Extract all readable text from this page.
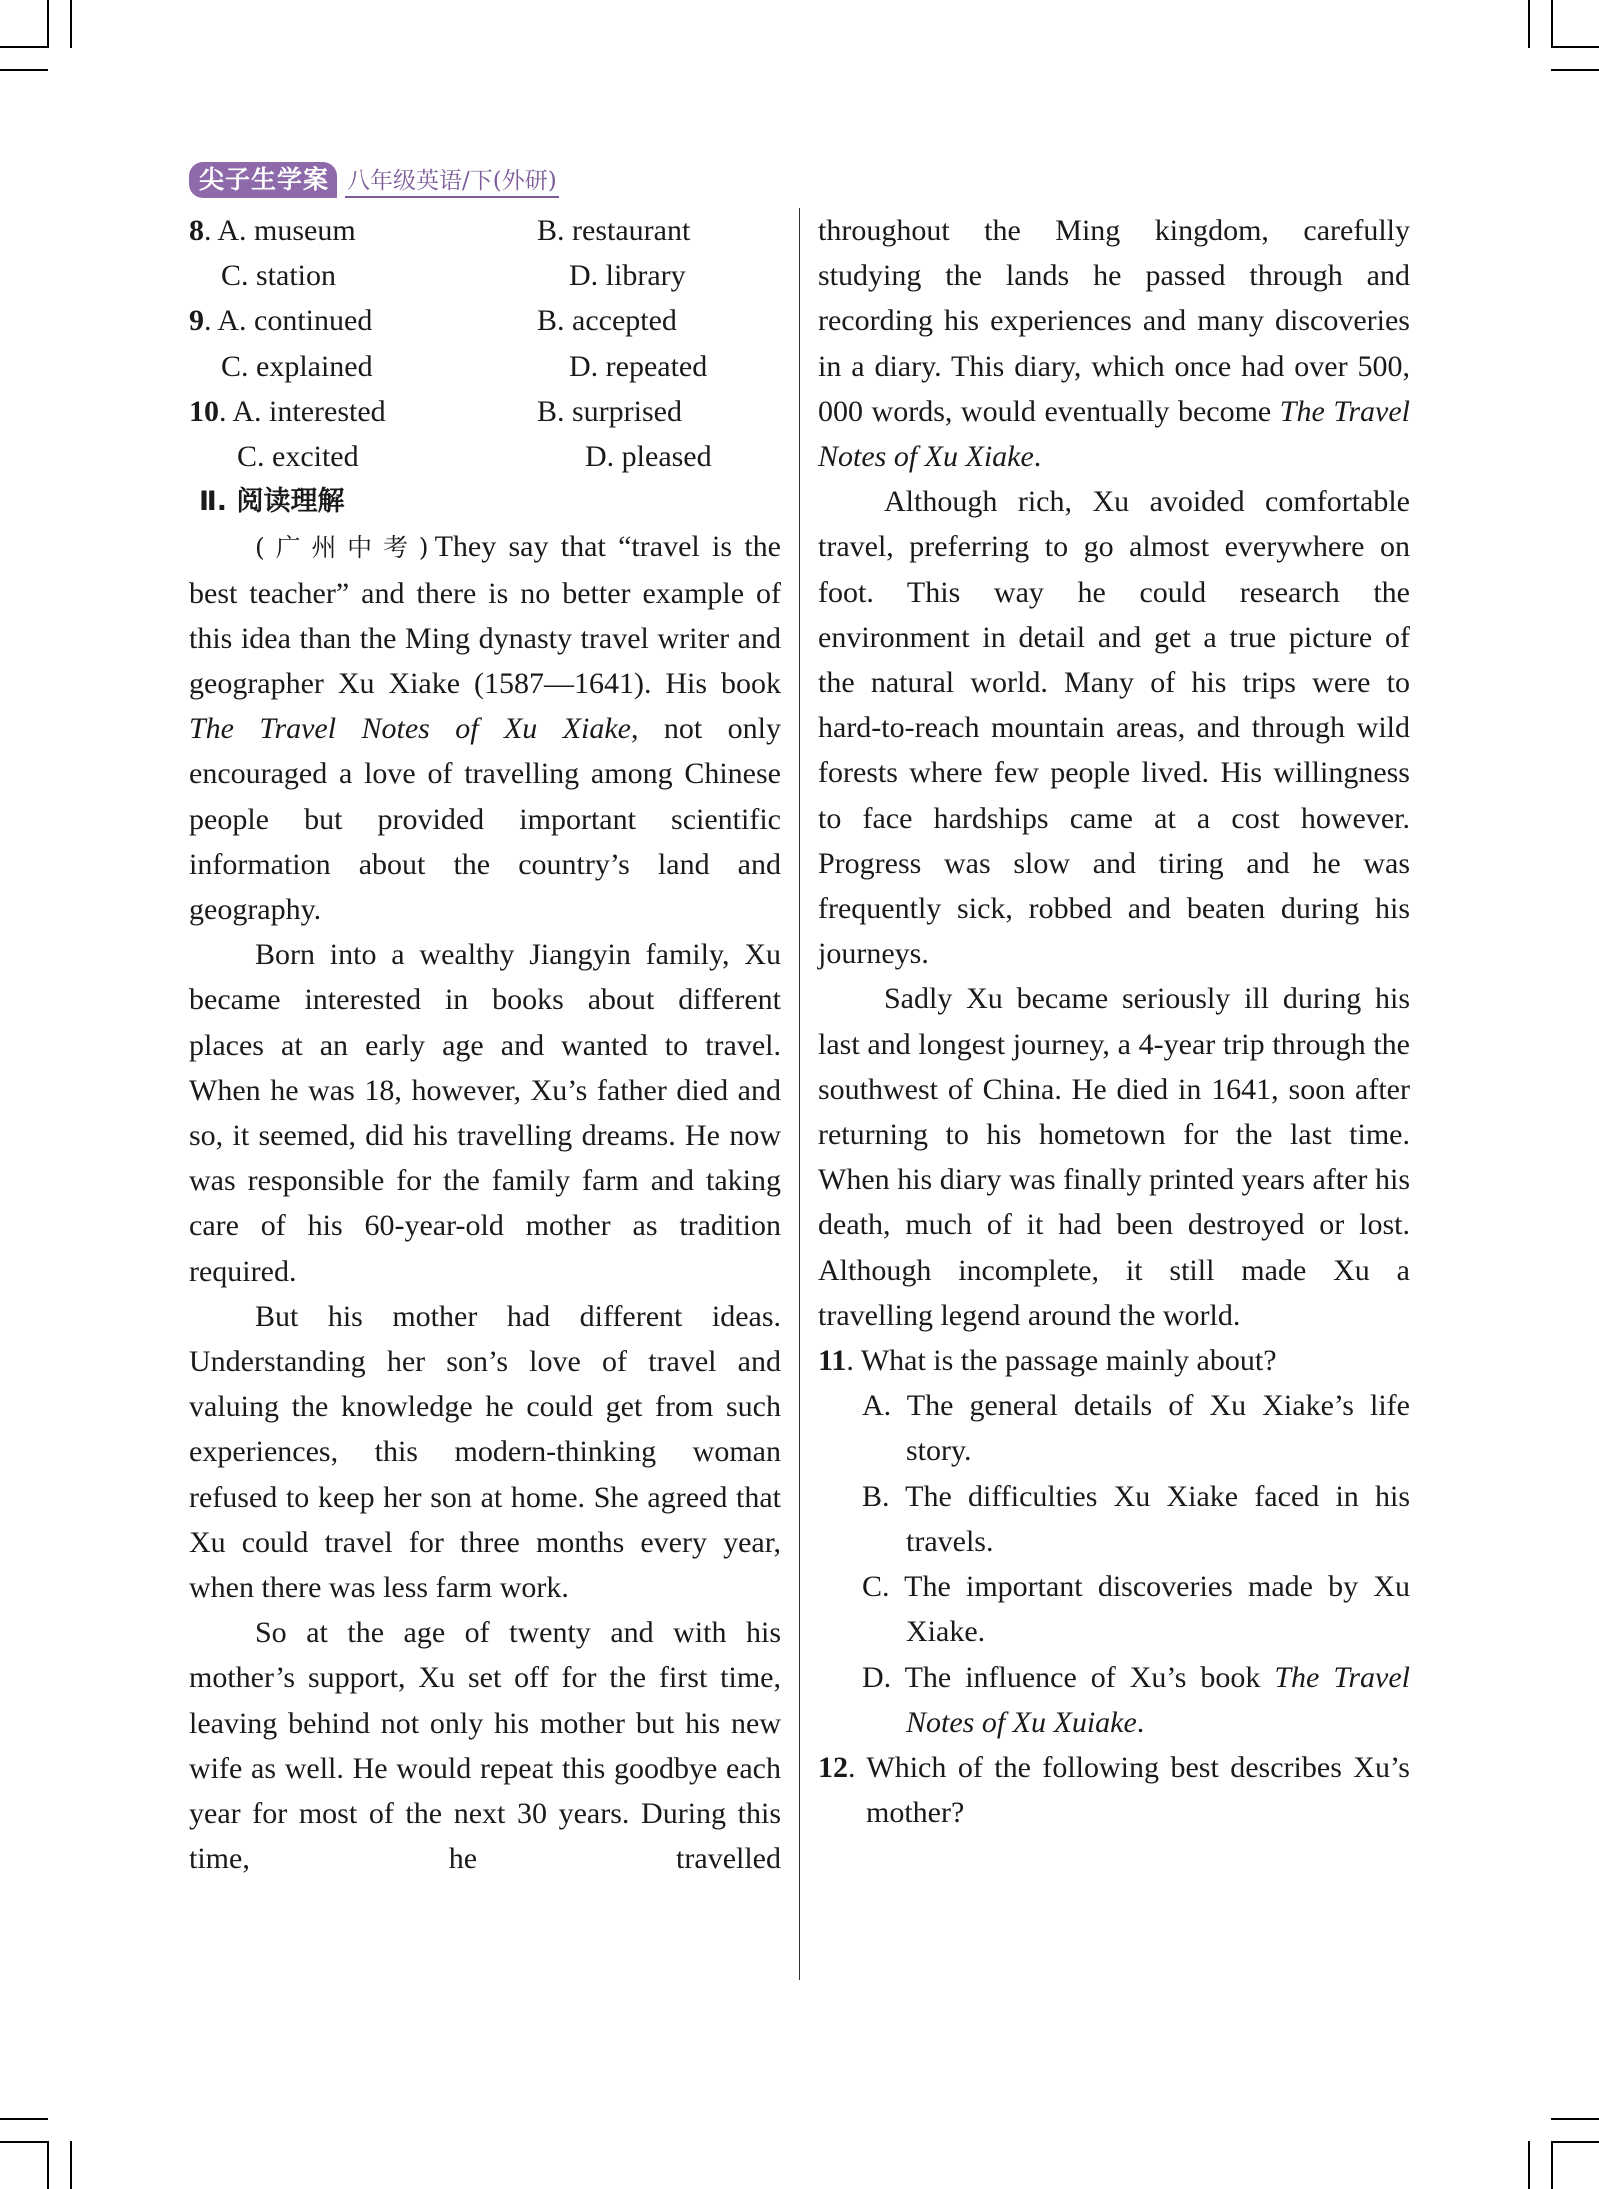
尖子生学案 八年级英语/下(外研)
8. A. museum	B. restaurant
C. station	D. library
9. A. continued	B. accepted
C. explained	D. repeated
10. A. interested	B. surprised
C. excited	D. pleased
Ⅱ. 阅读理解

(广州中考)They say that “travel is the best teacher” and there is no better example of this idea than the Ming dynasty travel writer and geographer Xu Xiake (1587—1641). His book The Travel Notes of Xu Xiake, not only encouraged a love of travelling among Chinese people but provided important scientific information about the country’s land and geography.

Born into a wealthy Jiangyin family, Xu became interested in books about different places at an early age and wanted to travel. When he was 18, however, Xu’s father died and so, it seemed, did his travelling dreams. He now was responsible for the family farm and taking care of his 60-year-old mother as tradition required.

But his mother had different ideas. Understanding her son’s love of travel and valuing the knowledge he could get from such experiences, this modern-thinking woman refused to keep her son at home. She agreed that Xu could travel for three months every year, when there was less farm work.

So at the age of twenty and with his mother’s support, Xu set off for the first time, leaving behind not only his mother but his new wife as well. He would repeat this goodbye each year for most of the next 30 years. During this time, he travelled

throughout the Ming kingdom, carefully studying the lands he passed through and recording his experiences and many discoveries in a diary. This diary, which once had over 500, 000 words, would eventually become The Travel Notes of Xu Xiake.

Although rich, Xu avoided comfortable travel, preferring to go almost everywhere on foot. This way he could research the environment in detail and get a true picture of the natural world. Many of his trips were to hard-to-reach mountain areas, and through wild forests where few people lived. His willingness to face hardships came at a cost however. Progress was slow and tiring and he was frequently sick, robbed and beaten during his journeys.

Sadly Xu became seriously ill during his last and longest journey, a 4-year trip through the southwest of China. He died in 1641, soon after returning to his hometown for the last time. When his diary was finally printed years after his death, much of it had been destroyed or lost. Although incomplete, it still made Xu a travelling legend around the world.

11. What is the passage mainly about?

A. The general details of Xu Xiake’s life story.

B. The difficulties Xu Xiake faced in his travels.

C. The important discoveries made by Xu Xiake.

D. The influence of Xu’s book The Travel Notes of Xu Xuiake.

12. Which of the following best describes Xu’s mother?
